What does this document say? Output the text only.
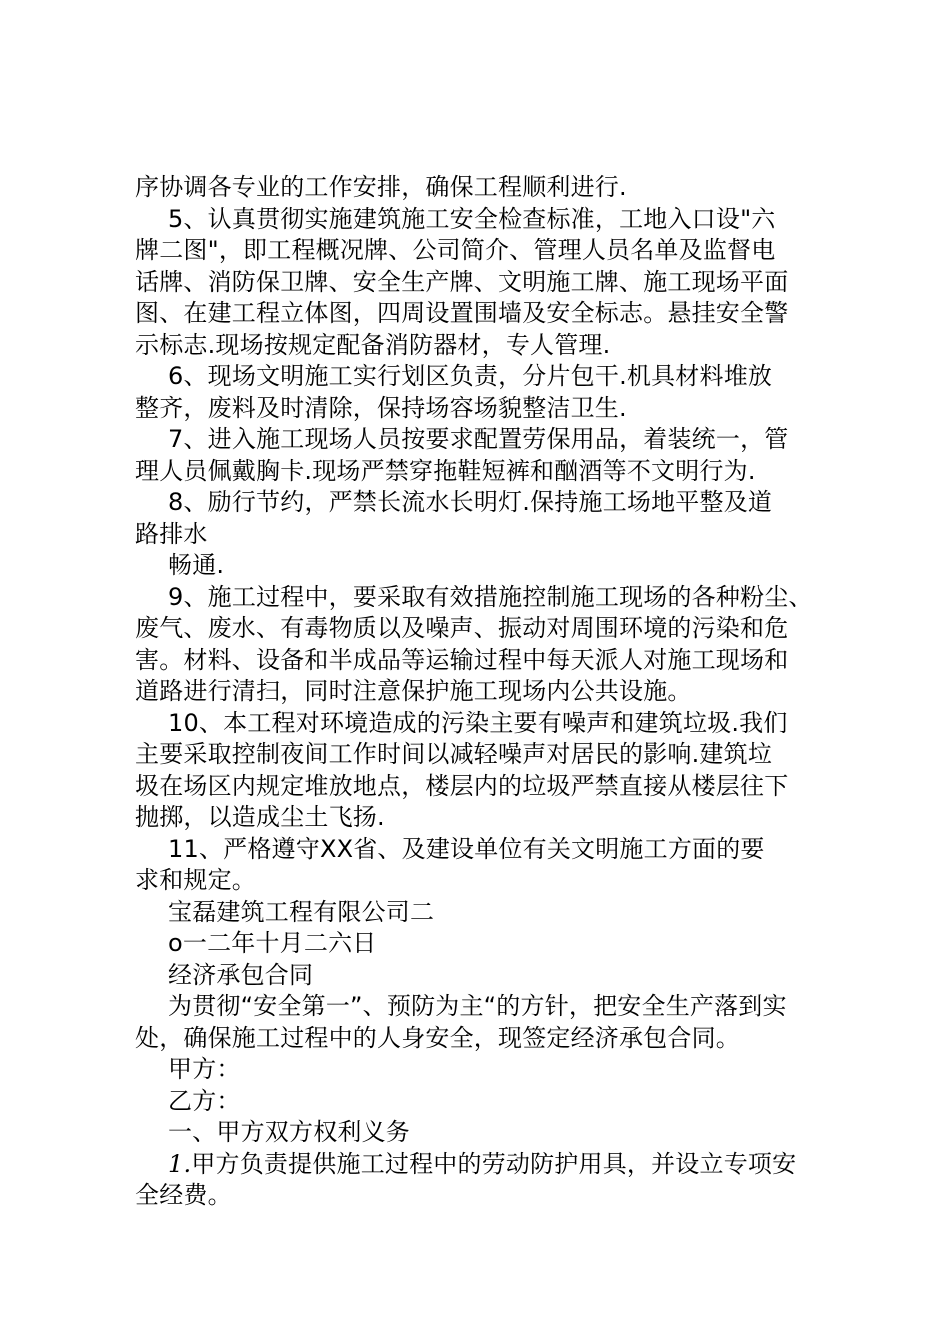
序协调各专业的工作安排，确保工程顺利进行.
5、认真贯彻实施建筑施工安全检查标准，工地入口设"六
牌二图"，即工程概况牌、公司简介、管理人员名单及监督电
话牌、消防保卫牌、安全生产牌、文明施工牌、施工现场平面
图、在建工程立体图，四周设置围墙及安全标志。悬挂安全警
示标志.现场按规定配备消防器材，专人管理.
6、现场文明施工实行划区负责，分片包干.机具材料堆放
整齐，废料及时清除，保持场容场貌整洁卫生.
7、进入施工现场人员按要求配置劳保用品，着装统一，管
理人员佩戴胸卡.现场严禁穿拖鞋短裤和酗酒等不文明行为.
8、励行节约，严禁长流水长明灯.保持施工场地平整及道
路排水
畅通.
9、施工过程中，要采取有效措施控制施工现场的各种粉尘、
废气、废水、有毒物质以及噪声、振动对周围环境的污染和危
害。材料、设备和半成品等运输过程中每天派人对施工现场和
道路进行清扫，同时注意保护施工现场内公共设施。
10、本工程对环境造成的污染主要有噪声和建筑垃圾.我们
主要采取控制夜间工作时间以减轻噪声对居民的影响.建筑垃
圾在场区内规定堆放地点，楼层内的垃圾严禁直接从楼层往下
抛掷，以造成尘土飞扬.
11、严格遵守XX省、及建设单位有关文明施工方面的要
求和规定。
宝磊建筑工程有限公司二
o一二年十月二六日
经济承包合同
为贯彻“安全第一”、预防为主“的方针，把安全生产落到实
处，确保施工过程中的人身安全，现签定经济承包合同。
甲方：
乙方：
一、甲方双方权利义务
1.甲方负责提供施工过程中的劳动防护用具，并设立专项安
全经费。
